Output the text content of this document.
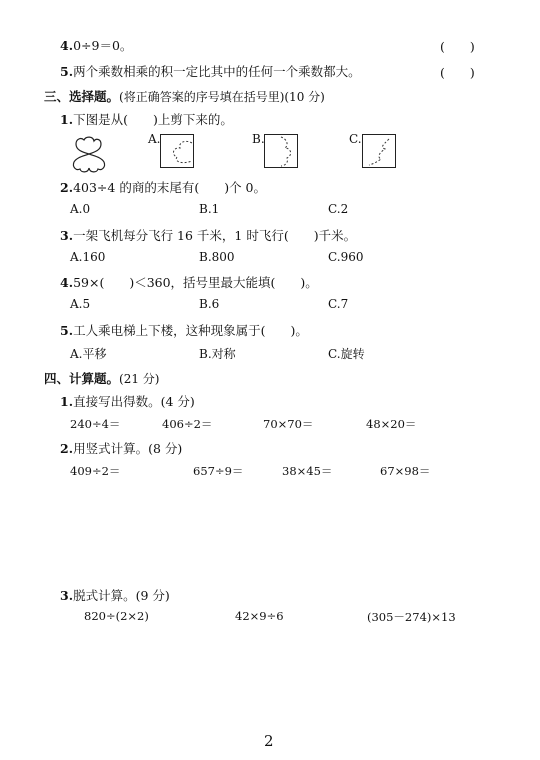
4.0÷9＝0。	(　　)
5.两个乘数相乘的积一定比其中的任何一个乘数都大。	(　　)
三、选择题。(将正确答案的序号填在括号里)(10 分)
1.下图是从(　　)上剪下来的。
A.	B.	C.
2.403÷4 的商的末尾有(　　)个 0。
A.0	B.1	C.2
3.一架飞机每分飞行 16 千米，1 时飞行(　　)千米。
A.160	B.800	C.960
4.59×(　　)＜360，括号里最大能填(　　)。
A.5	B.6	C.7
5.工人乘电梯上下楼，这种现象属于(　　)。
A.平移	B.对称	C.旋转
四、计算题。(21 分)
1.直接写出得数。(4 分)
240÷4＝	406÷2＝	70×70＝	48×20＝
2.用竖式计算。(8 分)
409÷2＝	657÷9＝	38×45＝	67×98＝
3.脱式计算。(9 分)
820÷(2×2)	42×9÷6	(305－274)×13
2
